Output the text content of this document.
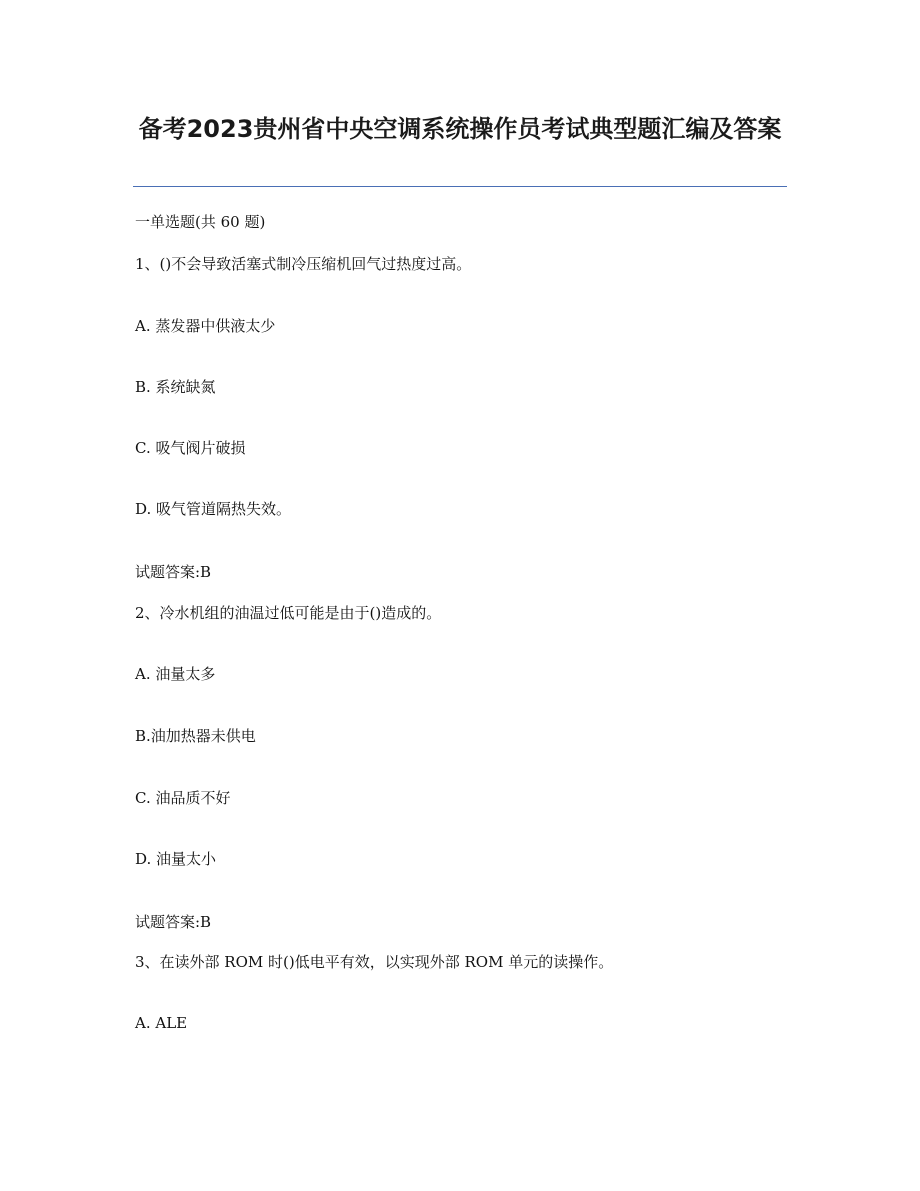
备考2023贵州省中央空调系统操作员考试典型题汇编及答案

一单选题(共 60 题)

1、()不会导致活塞式制冷压缩机回气过热度过高。

A. 蒸发器中供液太少

B. 系统缺氮

C. 吸气阀片破损

D. 吸气管道隔热失效。

试题答案:B

2、冷水机组的油温过低可能是由于()造成的。

A. 油量太多

B.油加热器未供电

C. 油品质不好

D. 油量太小

试题答案:B

3、在读外部 ROM 时()低电平有效，以实现外部 ROM 单元的读操作。

A. ALE
